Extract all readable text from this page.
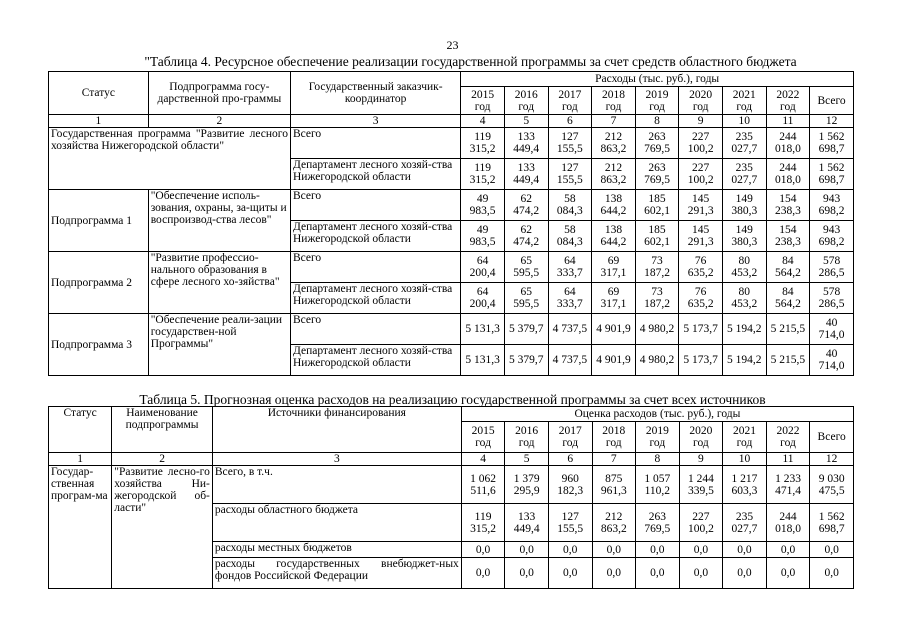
23
"Таблица 4. Ресурсное обеспечение реализации государственной программы за счет средств областного бюджета
Статус	Подпрограмма госу-дарственной про-граммы	Государственный заказчик-координатор	Расходы (тыс. руб.), годы								
			2015 год	2016 год	2017 год	2018 год	2019 год	2020 год	2021 год	2022 год	Всего
1	2	3	4	5	6	7	8	9	10	11	12
Государственная программа "Развитие лесного хозяйства Нижегородской области"		Всего	119 315,2	133 449,4	127 155,5	212 863,2	263 769,5	227 100,2	235 027,7	244 018,0	1 562 698,7
		Департамент лесного хозяй-ства Нижегородской области	119 315,2	133 449,4	127 155,5	212 863,2	263 769,5	227 100,2	235 027,7	244 018,0	1 562 698,7
Подпрограмма 1	"Обеспечение исполь-зования, охраны, за-щиты и воспроизвод-ства лесов"	Всего	49 983,5	62 474,2	58 084,3	138 644,2	185 602,1	145 291,3	149 380,3	154 238,3	943 698,2
		Департамент лесного хозяй-ства Нижегородской области	49 983,5	62 474,2	58 084,3	138 644,2	185 602,1	145 291,3	149 380,3	154 238,3	943 698,2
Подпрограмма 2	"Развитие профессио-нального образования в сфере лесного хо-зяйства"	Всего	64 200,4	65 595,5	64 333,7	69 317,1	73 187,2	76 635,2	80 453,2	84 564,2	578 286,5
		Департамент лесного хозяй-ства Нижегородской области	64 200,4	65 595,5	64 333,7	69 317,1	73 187,2	76 635,2	80 453,2	84 564,2	578 286,5
Подпрограмма 3	"Обеспечение реали-зации государствен-ной Программы"	Всего	5 131,3	5 379,7	4 737,5	4 901,9	4 980,2	5 173,7	5 194,2	5 215,5	40 714,0
		Департамент лесного хозяй-ства Нижегородской области	5 131,3	5 379,7	4 737,5	4 901,9	4 980,2	5 173,7	5 194,2	5 215,5	40 714,0
Таблица 5. Прогнозная оценка расходов на реализацию государственной программы за счет всех источников
Статус	Наименование подпрограммы	Источники финансирования	Оценка расходов (тыс. руб.), годы								
			2015 год	2016 год	2017 год	2018 год	2019 год	2020 год	2021 год	2022 год	Всего
1	2	3	4	5	6	7	8	9	10	11	12
Государ-ственная програм-ма	"Развитие лесно-го хозяйства Ни-жегородской об-ласти"	Всего, в т.ч.	1 062 511,6	1 379 295,9	960 182,3	875 961,3	1 057 110,2	1 244 339,5	1 217 603,3	1 233 471,4	9 030 475,5
		расходы областного бюджета	119 315,2	133 449,4	127 155,5	212 863,2	263 769,5	227 100,2	235 027,7	244 018,0	1 562 698,7
		расходы местных бюджетов	0,0	0,0	0,0	0,0	0,0	0,0	0,0	0,0	0,0
		расходы государственных внебюджет-ных фондов Российской Федерации	0,0	0,0	0,0	0,0	0,0	0,0	0,0	0,0	0,0
